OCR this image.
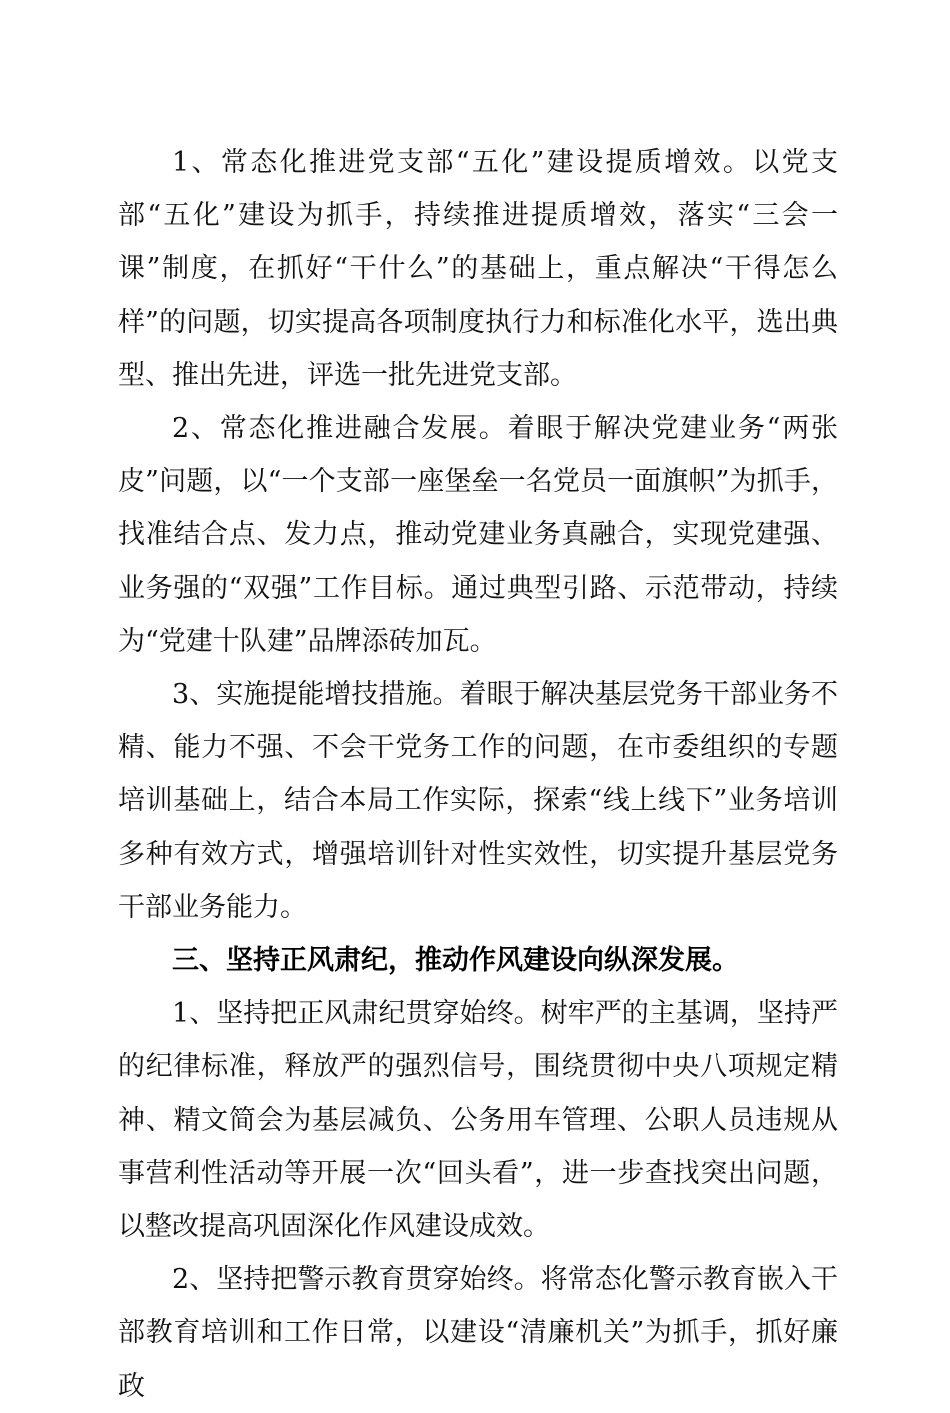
1、常态化推进党支部“五化”建设提质增效。以党支部“五化”建设为抓手，持续推进提质增效，落实“三会一课”制度，在抓好“干什么”的基础上，重点解决“干得怎么样”的问题，切实提高各项制度执行力和标准化水平，选出典型、推出先进，评选一批先进党支部。

2、常态化推进融合发展。着眼于解决党建业务“两张皮”问题，以“一个支部一座堡垒一名党员一面旗帜”为抓手，找准结合点、发力点，推动党建业务真融合，实现党建强、业务强的“双强”工作目标。通过典型引路、示范带动，持续为“党建十队建”品牌添砖加瓦。

3、实施提能增技措施。着眼于解决基层党务干部业务不精、能力不强、不会干党务工作的问题，在市委组织的专题培训基础上，结合本局工作实际，探索“线上线下”业务培训多种有效方式，增强培训针对性实效性，切实提升基层党务干部业务能力。

三、坚持正风肃纪，推动作风建设向纵深发展。

1、坚持把正风肃纪贯穿始终。树牢严的主基调，坚持严的纪律标准，释放严的强烈信号，围绕贯彻中央八项规定精神、精文简会为基层减负、公务用车管理、公职人员违规从事营利性活动等开展一次“回头看”，进一步查找突出问题，以整改提高巩固深化作风建设成效。

2、坚持把警示教育贯穿始终。将常态化警示教育嵌入干部教育培训和工作日常，以建设“清廉机关”为抓手，抓好廉政
